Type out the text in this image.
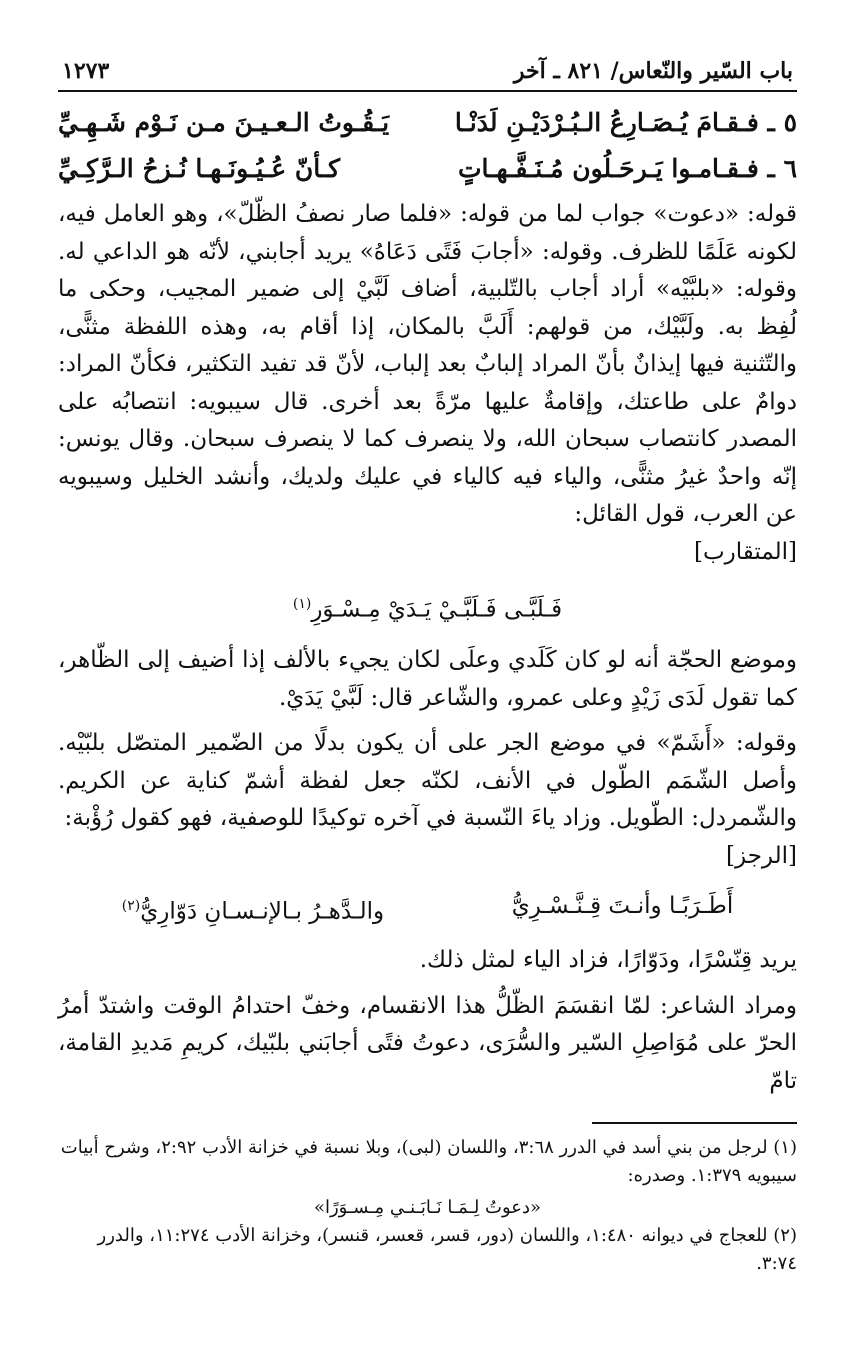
باب السّير والنّعاس/ ٨٢١ ـ آخر
١٢٧٣
٥ ـ فـقـامَ يُـصَـارِعُ الـبُـرْدَيْـنِ لَدَنْـا
يَـقُـوتُ الـعـيـنَ مـن نَـوْم شَـهِـيِّ
٦ ـ فـقـامـوا يَـرحَـلُون مُـنَـفَّـهـاتٍ
كـأنّ عُـيُـونَـهـا نُـزحُ الـرَّكِـيِّ

قوله: «دعوت» جواب لما من قوله: «فلما صار نصفُ الظّلّ»، وهو العامل فيه، لكونه عَلَمًا للظرف. وقوله: «أجابَ فَتًى دَعَاهُ» يريد أجابني، لأنّه هو الداعي له. وقوله: «بلبَّيْه» أراد أجاب بالتّلبية، أضاف لَبَّيْ إلى ضمير المجيب، وحكى ما لُفِظ به. ولَبَّيْك، من قولهم: أَلَبَّ بالمكان، إذا أقام به، وهذه اللفظة مثنًّى، والتّثنية فيها إيذانٌ بأنّ المراد إلبابٌ بعد إلباب، لأنّ قد تفيد التكثير، فكأنّ المراد: دوامٌ على طاعتك، وإقامةٌ عليها مرّةً بعد أخرى. قال سيبويه: انتصابُه على المصدر كانتصاب سبحان الله، ولا ينصرف كما لا ينصرف سبحان. وقال يونس: إنّه واحدٌ غيرُ مثنًّى، والياء فيه كالياء في عليك ولديك، وأنشد الخليل وسيبويه عن العرب، قول القائل:

[المتقارب]
فَـلَبَّـى فَـلَبَّـيْ يَـدَيْ مِـسْـوَرِ$^{(١)}$

وموضع الحجّة أنه لو كان كَلَدي وعلَى لكان يجيء بالألف إذا أضيف إلى الظّاهر، كما تقول لَدَى زَيْدٍ وعلى عمرو، والشّاعر قال: لَبَّيْ يَدَيْ.

وقوله: «أَشَمّ» في موضع الجر على أن يكون بدلًا من الضّمير المتصّل بلبّيْه. وأصل الشّمَم الطّول في الأنف، لكنّه جعل لفظة أشمّ كناية عن الكريم. والشّمردل: الطّويل. وزاد ياءَ النّسبة في آخره توكيدًا للوصفية، فهو كقول رُؤْبة:

[الرجز]
أَطَـرَبًـا وأنـتَ قِـنَّـسْـرِيُّ
والـدَّهـرُ بـالإنـسـانِ دَوّارِيُّ$^{(٢)}$

يريد قِنّسْرًا، ودَوّارًا، فزاد الياء لمثل ذلك.

ومراد الشاعر: لمّا انقسَمَ الظّلُّ هذا الانقسام، وخفّ احتدامُ الوقت واشتدّ أمرُ الحرّ على مُوَاصِلِ السّير والسُّرَى، دعوتُ فتًى أجابَني بلبّيك، كريمِ مَديدِ القامة، تامّ

(١) لرجل من بني أسد في الدرر ٣:٦٨، واللسان (لبى)، وبلا نسبة في خزانة الأدب ٢:٩٢، وشرح أبيات سيبويه ١:٣٧٩. وصدره:

«دعوتُ لِـمَـا نَـابَـنـي مِـسـوَرًا»

(٢) للعجاج في ديوانه ١:٤٨٠، واللسان (دور، قسر، قعسر، قنسر)، وخزانة الأدب ١١:٢٧٤، والدرر ٣:٧٤.
